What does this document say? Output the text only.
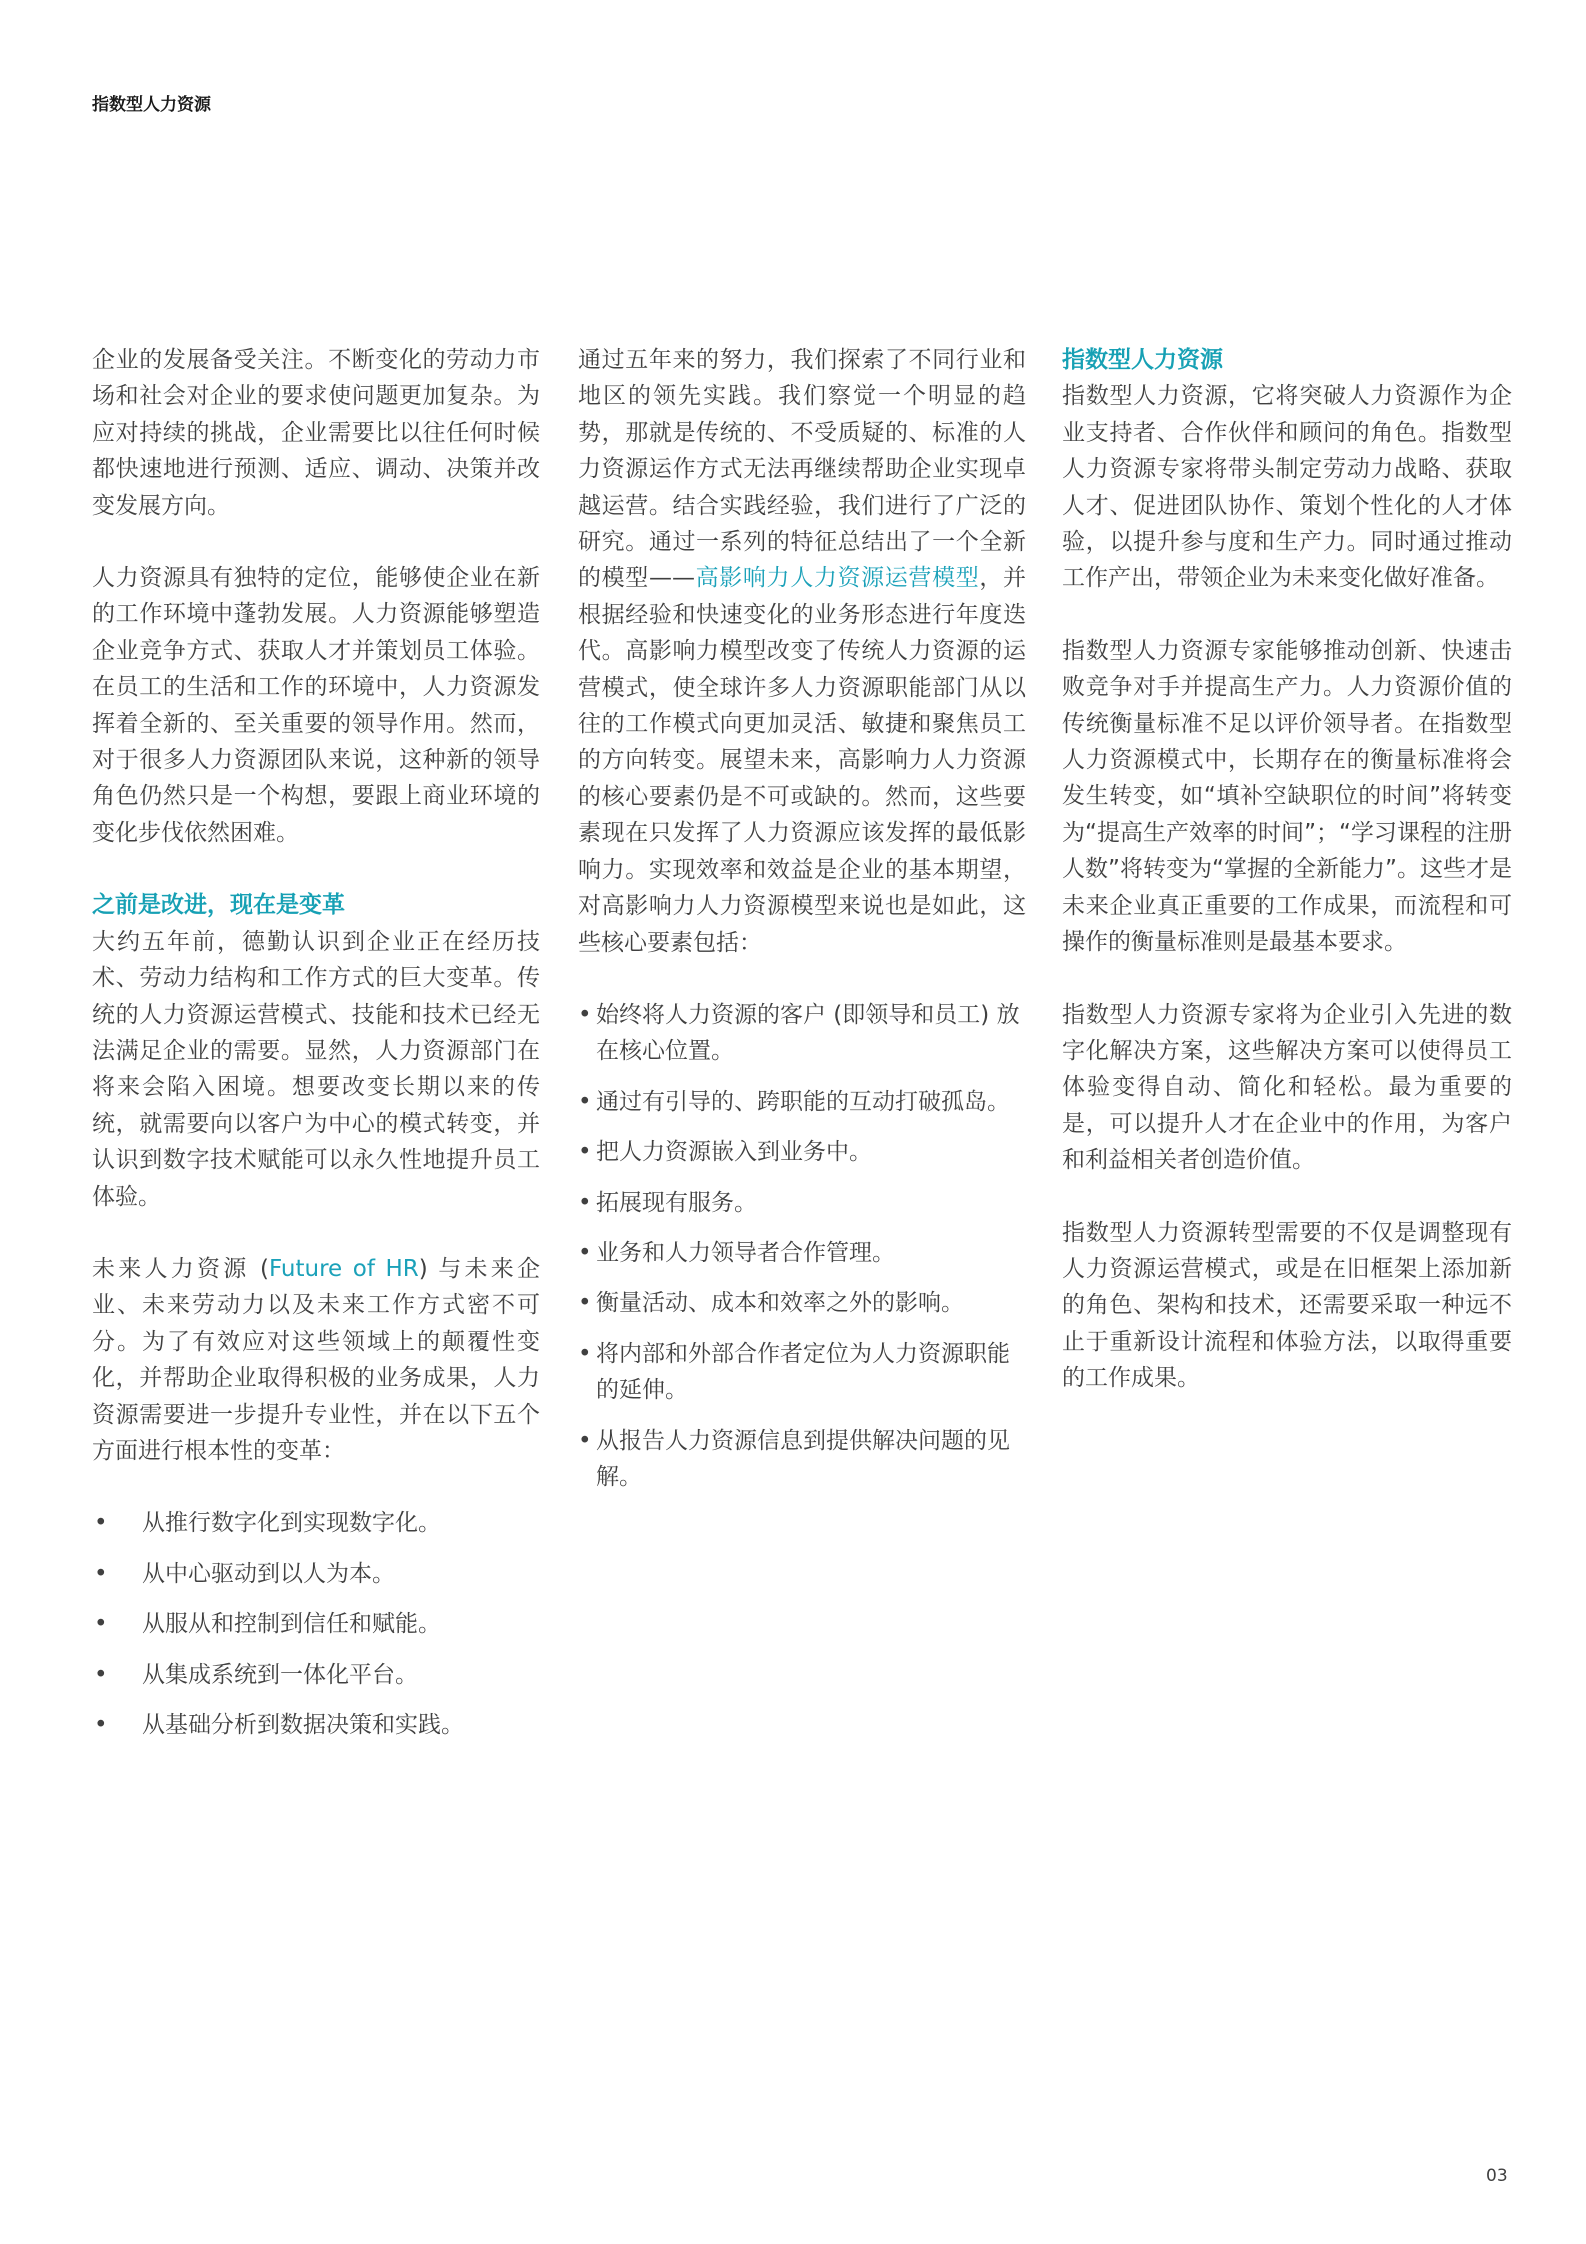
指数型人力资源

企业的发展备受关注。不断变化的劳动力市场和社会对企业的要求使问题更加复杂。为应对持续的挑战，企业需要比以往任何时候都快速地进行预测、适应、调动、决策并改变发展方向。

人力资源具有独特的定位，能够使企业在新的工作环境中蓬勃发展。人力资源能够塑造企业竞争方式、获取人才并策划员工体验。在员工的生活和工作的环境中，人力资源发挥着全新的、至关重要的领导作用。然而，对于很多人力资源团队来说，这种新的领导角色仍然只是一个构想，要跟上商业环境的变化步伐依然困难。

之前是改进，现在是变革

大约五年前，德勤认识到企业正在经历技术、劳动力结构和工作方式的巨大变革。传统的人力资源运营模式、技能和技术已经无法满足企业的需要。显然，人力资源部门在将来会陷入困境。想要改变长期以来的传统，就需要向以客户为中心的模式转变，并认识到数字技术赋能可以永久性地提升员工体验。

未来人力资源 (Future of HR) 与未来企业、未来劳动力以及未来工作方式密不可分。为了有效应对这些领域上的颠覆性变化，并帮助企业取得积极的业务成果，人力资源需要进一步提升专业性，并在以下五个方面进行根本性的变革：

• 从推行数字化到实现数字化。
• 从中心驱动到以人为本。
• 从服从和控制到信任和赋能。
• 从集成系统到一体化平台。
• 从基础分析到数据决策和实践。

通过五年来的努力，我们探索了不同行业和地区的领先实践。我们察觉一个明显的趋势，那就是传统的、不受质疑的、标准的人力资源运作方式无法再继续帮助企业实现卓越运营。结合实践经验，我们进行了广泛的研究。通过一系列的特征总结出了一个全新的模型——高影响力人力资源运营模型，并根据经验和快速变化的业务形态进行年度迭代。高影响力模型改变了传统人力资源的运营模式，使全球许多人力资源职能部门从以往的工作模式向更加灵活、敏捷和聚焦员工的方向转变。展望未来，高影响力人力资源的核心要素仍是不可或缺的。然而，这些要素现在只发挥了人力资源应该发挥的最低影响力。实现效率和效益是企业的基本期望，对高影响力人力资源模型来说也是如此，这些核心要素包括：

• 始终将人力资源的客户 (即领导和员工) 放在核心位置。
• 通过有引导的、跨职能的互动打破孤岛。
• 把人力资源嵌入到业务中。
• 拓展现有服务。
• 业务和人力领导者合作管理。
• 衡量活动、成本和效率之外的影响。
• 将内部和外部合作者定位为人力资源职能的延伸。
• 从报告人力资源信息到提供解决问题的见解。
指数型人力资源

指数型人力资源，它将突破人力资源作为企业支持者、合作伙伴和顾问的角色。指数型人力资源专家将带头制定劳动力战略、获取人才、促进团队协作、策划个性化的人才体验，以提升参与度和生产力。同时通过推动工作产出，带领企业为未来变化做好准备。

指数型人力资源专家能够推动创新、快速击败竞争对手并提高生产力。人力资源价值的传统衡量标准不足以评价领导者。在指数型人力资源模式中，长期存在的衡量标准将会发生转变，如“填补空缺职位的时间”将转变为“提高生产效率的时间”；“学习课程的注册人数”将转变为“掌握的全新能力”。这些才是未来企业真正重要的工作成果，而流程和可操作的衡量标准则是最基本要求。

指数型人力资源专家将为企业引入先进的数字化解决方案，这些解决方案可以使得员工体验变得自动、简化和轻松。最为重要的是，可以提升人才在企业中的作用，为客户和利益相关者创造价值。

指数型人力资源转型需要的不仅是调整现有人力资源运营模式，或是在旧框架上添加新的角色、架构和技术，还需要采取一种远不止于重新设计流程和体验方法，以取得重要的工作成果。

03
